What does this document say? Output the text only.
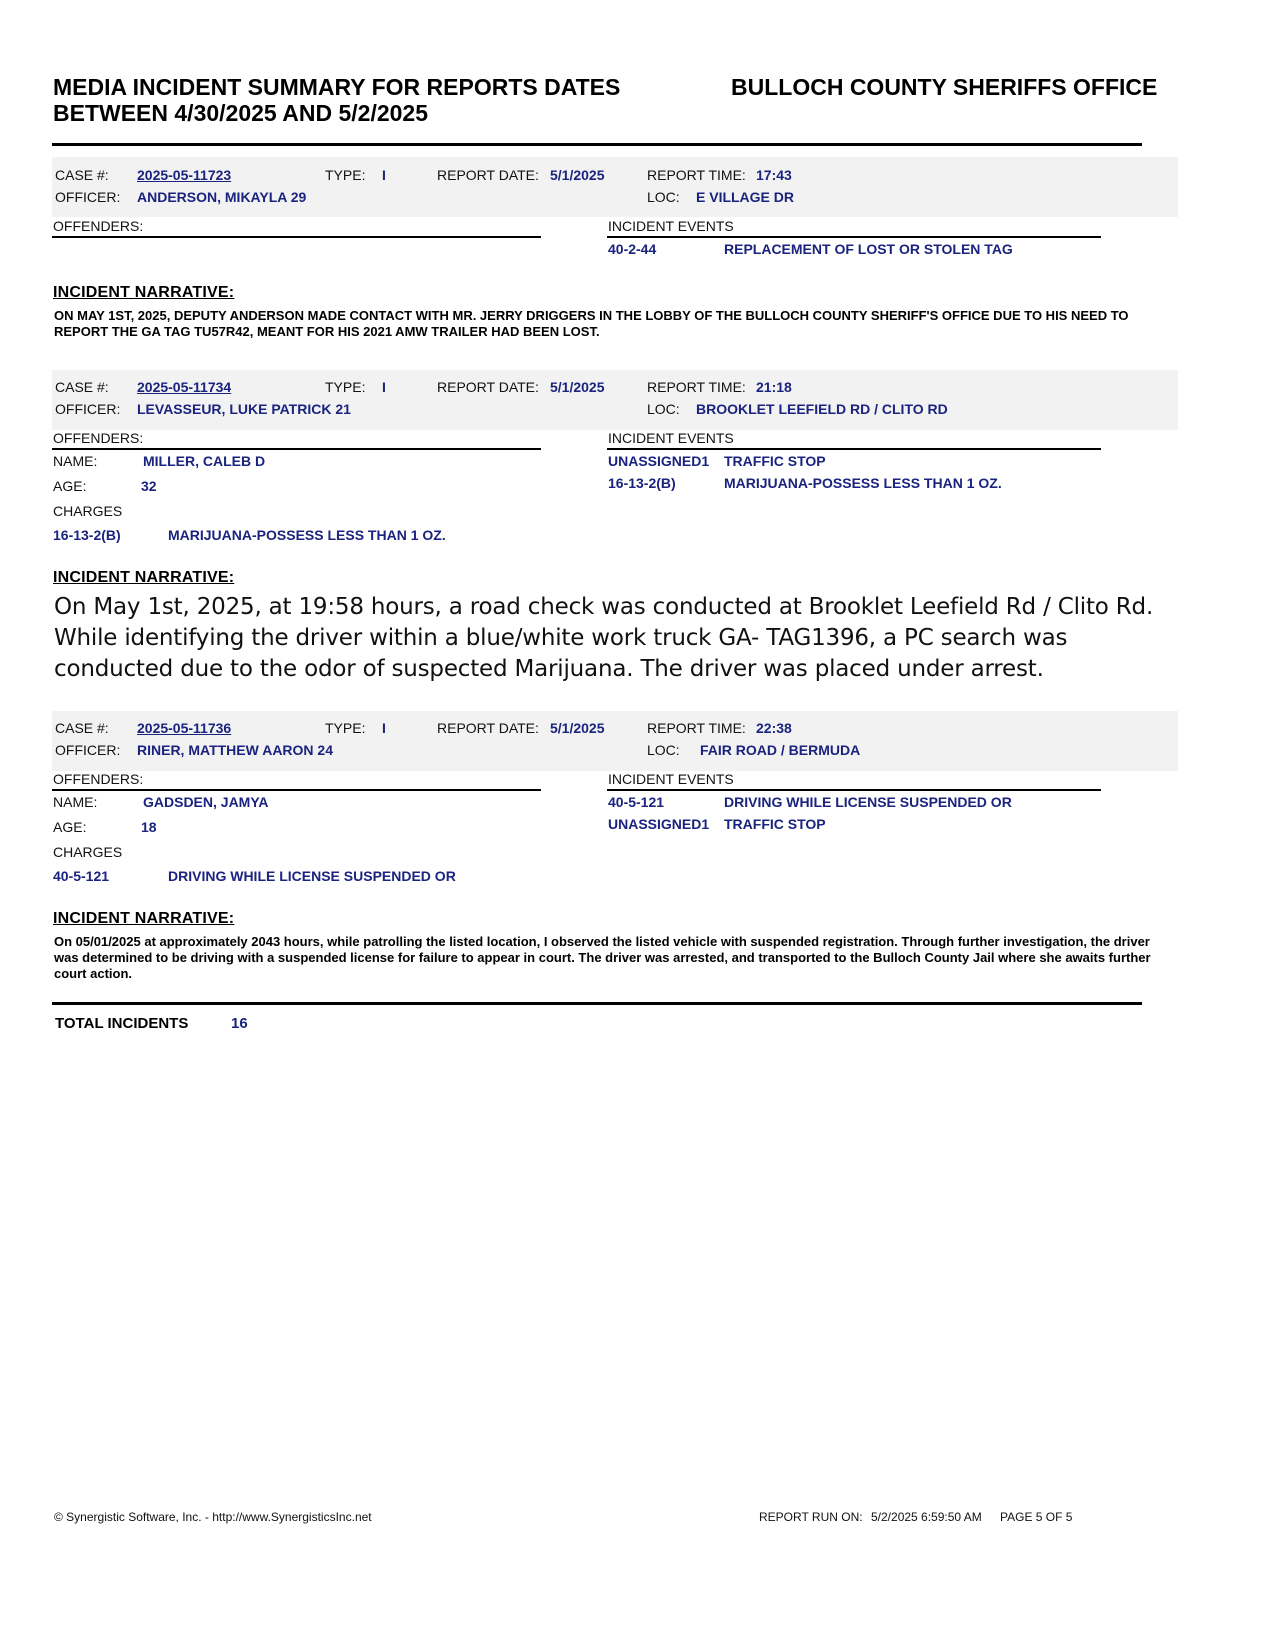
MEDIA INCIDENT SUMMARY FOR REPORTS DATES
BETWEEN 4/30/2025 AND 5/2/2025
BULLOCH COUNTY SHERIFFS OFFICE
CASE #: 2025-05-11723	TYPE: I	REPORT DATE: 5/1/2025	REPORT TIME: 17:43
OFFICER: ANDERSON, MIKAYLA 29	LOC: E VILLAGE DR
OFFENDERS:	INCIDENT EVENTS
40-2-44	REPLACEMENT OF LOST OR STOLEN TAG
INCIDENT NARRATIVE:
ON MAY 1ST, 2025, DEPUTY ANDERSON MADE CONTACT WITH MR. JERRY DRIGGERS IN THE LOBBY OF THE BULLOCH COUNTY SHERIFF'S OFFICE DUE TO HIS NEED TO REPORT THE GA TAG TU57R42, MEANT FOR HIS 2021 AMW TRAILER HAD BEEN LOST.
CASE #: 2025-05-11734	TYPE: I	REPORT DATE: 5/1/2025	REPORT TIME: 21:18
OFFICER: LEVASSEUR, LUKE PATRICK 21	LOC: BROOKLET LEEFIELD RD / CLITO RD
OFFENDERS:	INCIDENT EVENTS
NAME:	MILLER, CALEB D
AGE:	32
CHARGES
16-13-2(B)	MARIJUANA-POSSESS LESS THAN 1 OZ.
UNASSIGNED1 TRAFFIC STOP
16-13-2(B)	MARIJUANA-POSSESS LESS THAN 1 OZ.
INCIDENT NARRATIVE:
On May 1st, 2025, at 19:58 hours, a road check was conducted at Brooklet Leefield Rd / Clito Rd. While identifying the driver within a blue/white work truck GA- TAG1396, a PC search was conducted due to the odor of suspected Marijuana. The driver was placed under arrest.
CASE #: 2025-05-11736	TYPE: I	REPORT DATE: 5/1/2025	REPORT TIME: 22:38
OFFICER: RINER, MATTHEW AARON 24	LOC: FAIR ROAD / BERMUDA
OFFENDERS:	INCIDENT EVENTS
NAME:	GADSDEN, JAMYA
AGE:	18
CHARGES
40-5-121	DRIVING WHILE LICENSE SUSPENDED OR
40-5-121	DRIVING WHILE LICENSE SUSPENDED OR
UNASSIGNED1 TRAFFIC STOP
INCIDENT NARRATIVE:
On 05/01/2025 at approximately 2043 hours, while patrolling the listed location, I observed the listed vehicle with suspended registration. Through further investigation, the driver was determined to be driving with a suspended license for failure to appear in court. The driver was arrested, and transported to the Bulloch County Jail where she awaits further court action.
TOTAL INCIDENTS	16
© Synergistic Software, Inc. - http://www.SynergisticsInc.net	REPORT RUN ON: 5/2/2025 6:59:50 AM PAGE 5 OF 5
